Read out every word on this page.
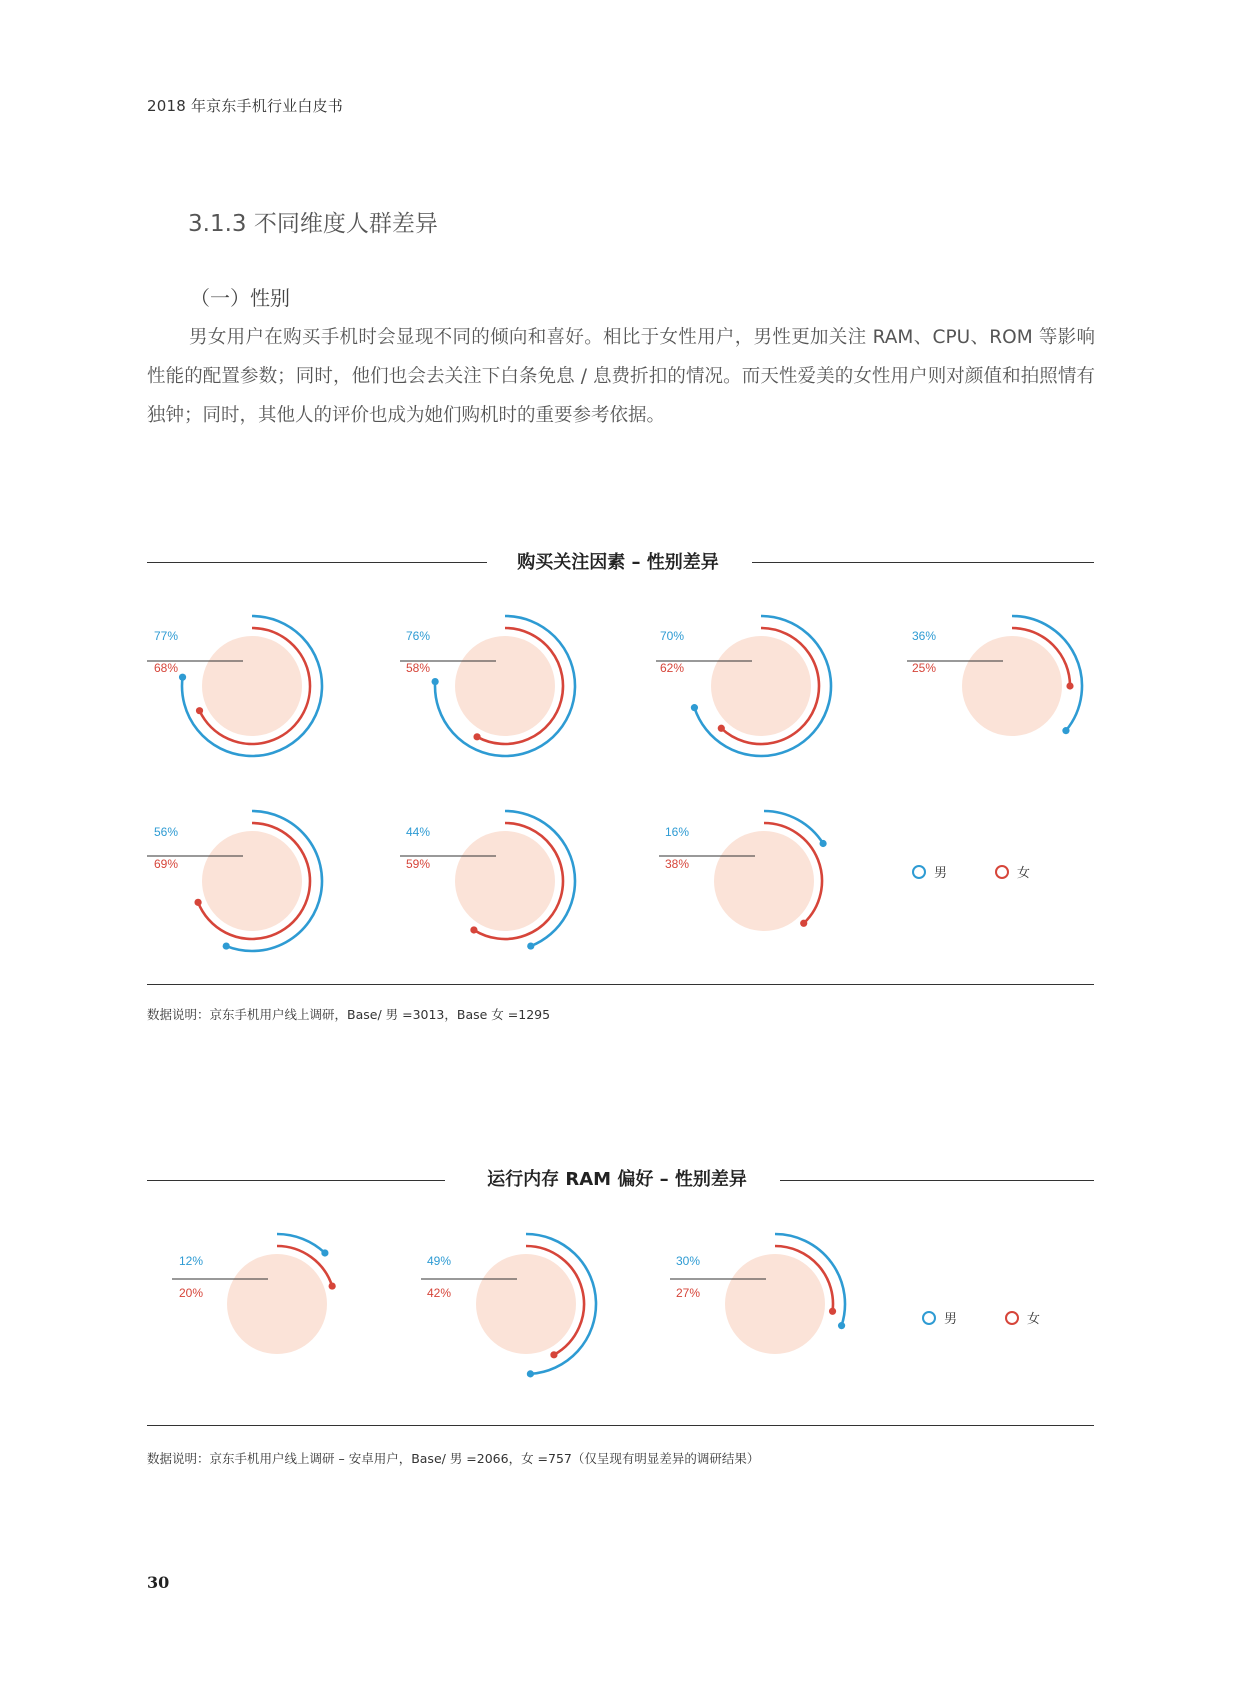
2018 年京东手机行业白皮书
3.1.3 不同维度人群差异
（一）性别

男女用户在购买手机时会显现不同的倾向和喜好。相比于女性用户，男性更加关注 RAM、CPU、ROM 等影响性能的配置参数；同时，他们也会去关注下白条免息 / 息费折扣的情况。而天性爱美的女性用户则对颜值和拍照情有独钟；同时，其他人的评价也成为她们购机时的重要参考依据。

购买关注因素 – 性别差异
77%
68%

76%
58%

70%
62%

36%
25%

56%
69%

44%
59%

16%
38%

男	女
数据说明：京东手机用户线上调研，Base/ 男 =3013，Base 女 =1295
运行内存 RAM 偏好 – 性别差异
12%
20%
49%
42%
30%
27%
男	女
数据说明：京东手机用户线上调研 – 安卓用户，Base/ 男 =2066，女 =757（仅呈现有明显差异的调研结果）
30
